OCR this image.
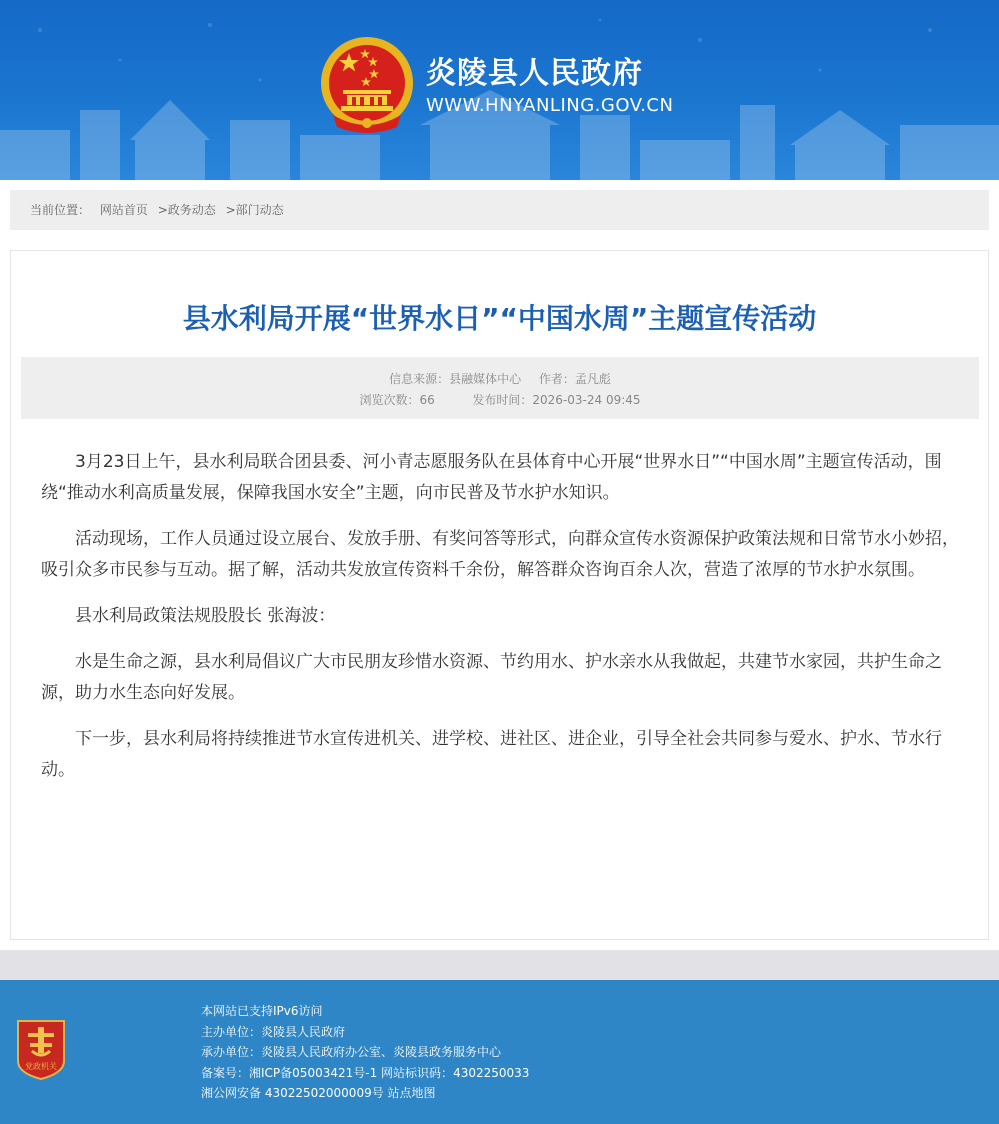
炎陵县人民政府
WWW.HNYANLING.GOV.CN
当前位置： 网站首页 >政务动态 >部门动态
县水利局开展“世界水日”“中国水周”主题宣传活动
信息来源：县融媒体中心 作者：孟凡彪
浏览次数：66	发布时间：2026-03-24 09:45

3月23日上午，县水利局联合团县委、河小青志愿服务队在县体育中心开展“世界水日”“中国水周”主题宣传活动，围绕“推动水利高质量发展，保障我国水安全”主题，向市民普及节水护水知识。

活动现场，工作人员通过设立展台、发放手册、有奖问答等形式，向群众宣传水资源保护政策法规和日常节水小妙招，吸引众多市民参与互动。据了解，活动共发放宣传资料千余份，解答群众咨询百余人次，营造了浓厚的节水护水氛围。

县水利局政策法规股股长 张海波：

水是生命之源，县水利局倡议广大市民朋友珍惜水资源、节约用水、护水亲水从我做起，共建节水家园，共护生命之源，助力水生态向好发展。

下一步，县水利局将持续推进节水宣传进机关、进学校、进社区、进企业，引导全社会共同参与爱水、护水、节水行动。

党政机关
本网站已支持IPv6访问
主办单位：炎陵县人民政府
承办单位：炎陵县人民政府办公室、炎陵县政务服务中心
备案号：湘ICP备05003421号-1 网站标识码：4302250033
湘公网安备 43022502000009号 站点地图
